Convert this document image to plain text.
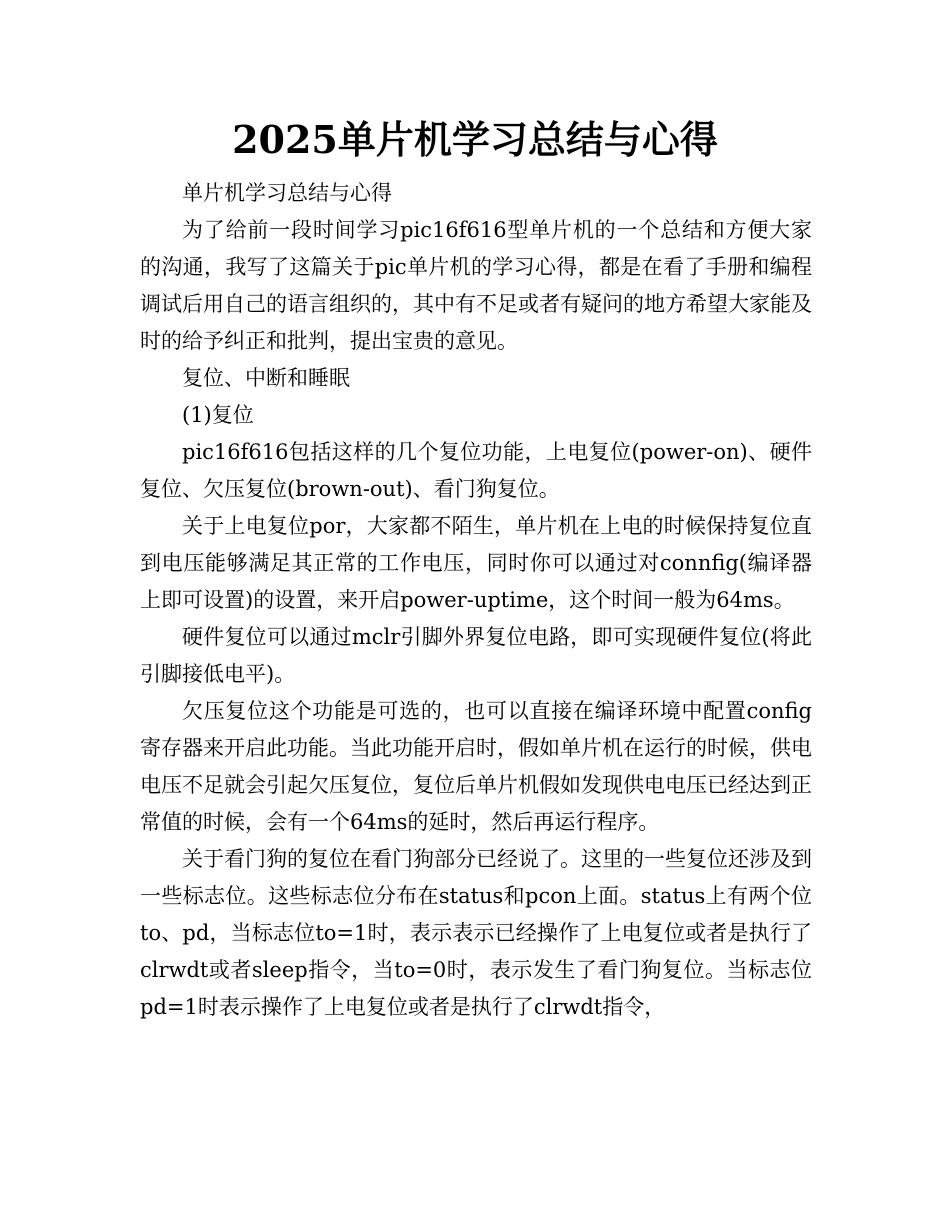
2025单片机学习总结与心得

单片机学习总结与心得

为了给前一段时间学习pic16f616型单片机的一个总结和方便大家的沟通，我写了这篇关于pic单片机的学习心得，都是在看了手册和编程调试后用自己的语言组织的，其中有不足或者有疑问的地方希望大家能及时的给予纠正和批判，提出宝贵的意见。

复位、中断和睡眠

(1)复位

pic16f616包括这样的几个复位功能，上电复位(power-on)、硬件复位、欠压复位(brown-out)、看门狗复位。

关于上电复位por，大家都不陌生，单片机在上电的时候保持复位直到电压能够满足其正常的工作电压，同时你可以通过对connfig(编译器上即可设置)的设置，来开启power-uptime，这个时间一般为64ms。

硬件复位可以通过mclr引脚外界复位电路，即可实现硬件复位(将此引脚接低电平)。

欠压复位这个功能是可选的，也可以直接在编译环境中配置config寄存器来开启此功能。当此功能开启时，假如单片机在运行的时候，供电电压不足就会引起欠压复位，复位后单片机假如发现供电电压已经达到正常值的时候，会有一个64ms的延时，然后再运行程序。

关于看门狗的复位在看门狗部分已经说了。这里的一些复位还涉及到一些标志位。这些标志位分布在status和pcon上面。status上有两个位to、pd，当标志位to=1时，表示表示已经操作了上电复位或者是执行了clrwdt或者sleep指令，当to=0时，表示发生了看门狗复位。当标志位pd=1时表示操作了上电复位或者是执行了clrwdt指令，
